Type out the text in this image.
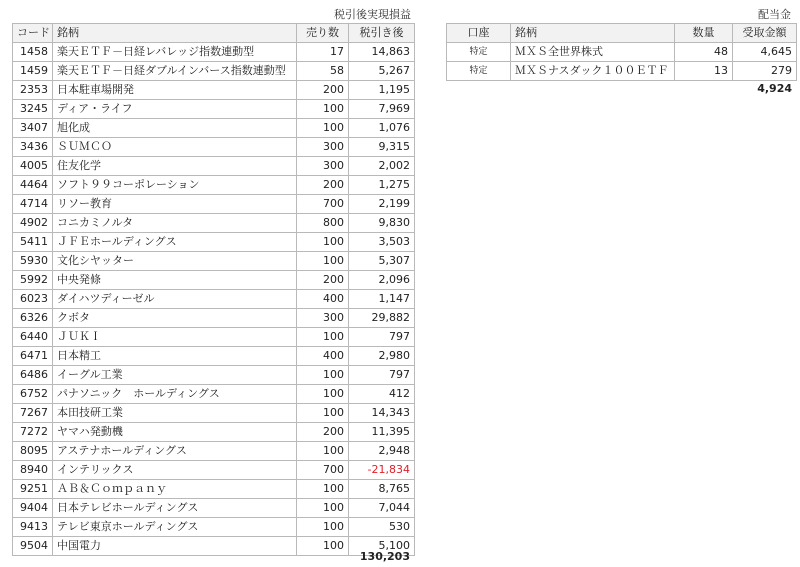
税引後実現損益	配当金
コード	銘柄	売り数	税引き後
1458	楽天ＥＴＦ－日経レバレッジ指数連動型	17	14,863
1459	楽天ＥＴＦ－日経ダブルインバース指数連動型	58	5,267
2353	日本駐車場開発	200	1,195
3245	ディア・ライフ	100	7,969
3407	旭化成	100	1,076
3436	ＳＵＭＣＯ	300	9,315
4005	住友化学	300	2,002
4464	ソフト９９コーポレーション	200	1,275
4714	リソー教育	700	2,199
4902	コニカミノルタ	800	9,830
5411	ＪＦＥホールディングス	100	3,503
5930	文化シヤッター	100	5,307
5992	中央発條	200	2,096
6023	ダイハツディーゼル	400	1,147
6326	クボタ	300	29,882
6440	ＪＵＫＩ	100	797
6471	日本精工	400	2,980
6486	イーグル工業	100	797
6752	パナソニック　ホールディングス	100	412
7267	本田技研工業	100	14,343
7272	ヤマハ発動機	200	11,395
8095	アステナホールディングス	100	2,948
8940	インテリックス	700	-21,834
9251	ＡＢ＆Ｃｏｍｐａｎｙ	100	8,765
9404	日本テレビホールディングス	100	7,044
9413	テレビ東京ホールディングス	100	530
9504	中国電力	100	5,100
130,203
口座	銘柄	数量	受取金額
特定	ＭＸＳ全世界株式	48	4,645
特定	ＭＸＳナスダック１００ＥＴＦ	13	279
4,924
